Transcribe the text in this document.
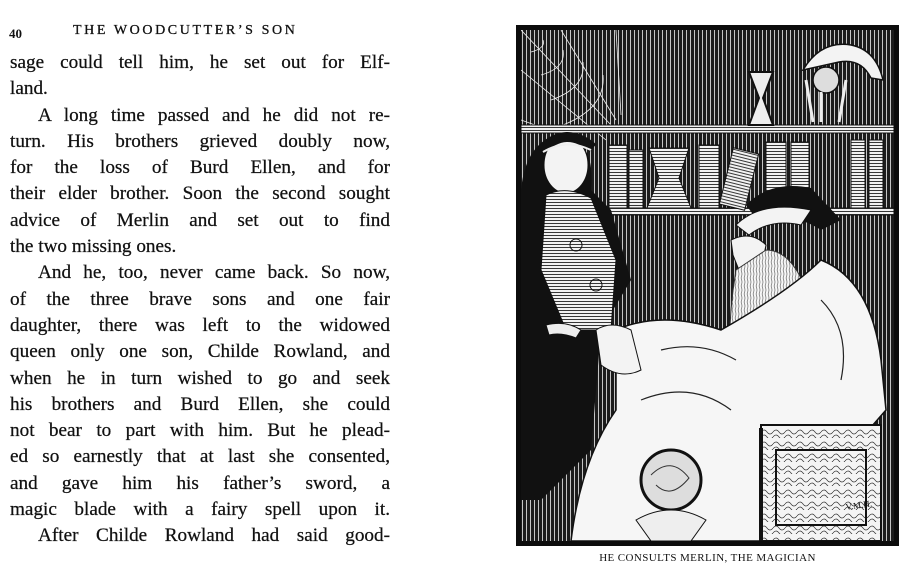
40	THE WOODCUTTER’S SON
sage could tell him, he set out for Elf-
land.
A long time passed and he did not re-
turn. His brothers grieved doubly now,
for the loss of Burd Ellen, and for
their elder brother. Soon the second sought
advice of Merlin and set out to find
the two missing ones.
And he, too, never came back. So now,
of the three brave sons and one fair
daughter, there was left to the widowed
queen only one son, Childe Rowland, and
when he in turn wished to go and seek
his brothers and Burd Ellen, she could
not bear to part with him. But he plead-
ed so earnestly that at last she consented,
and gave him his father’s sword, a
magic blade with a fairy spell upon it.
After Childe Rowland had said good-
V.M.H.
HE CONSULTS MERLIN, THE MAGICIAN
